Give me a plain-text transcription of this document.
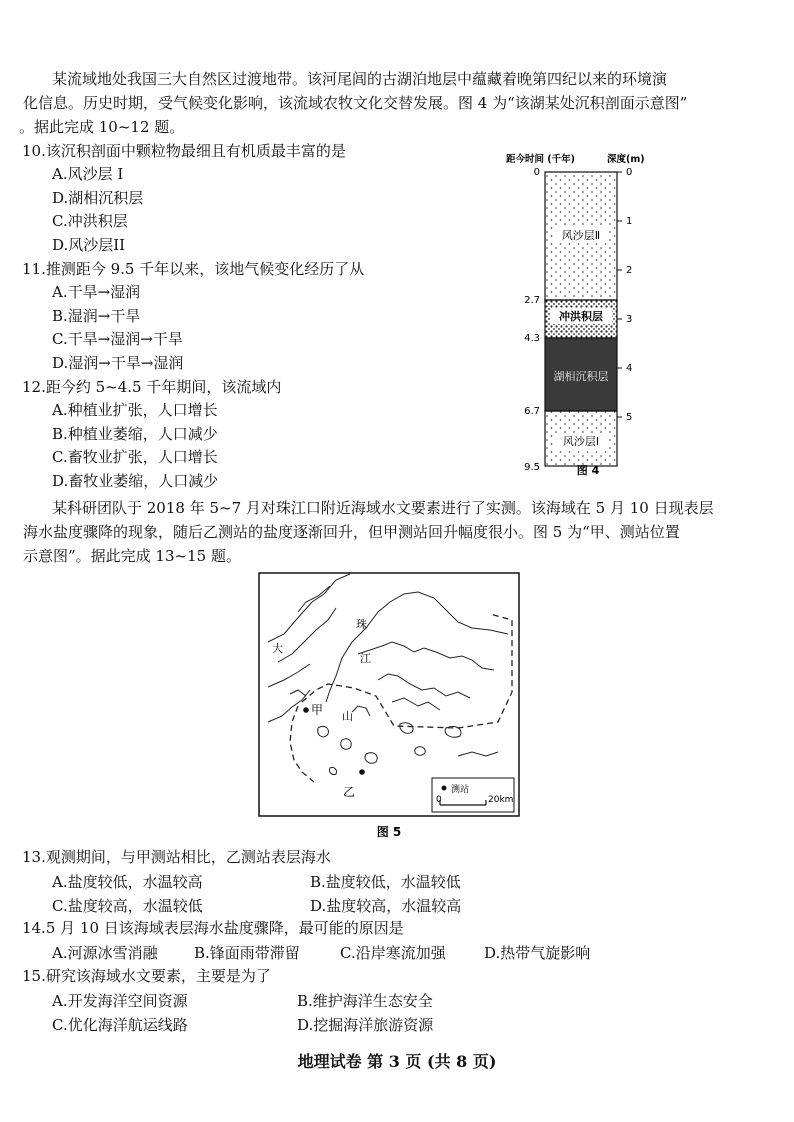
某流域地处我国三大自然区过渡地带。该河尾闾的古湖泊地层中蕴藏着晚第四纪以来的环境演
化信息。历史时期，受气候变化影响，该流域农牧文化交替发展。图 4 为“该湖某处沉积剖面示意图”
。据此完成 10~12 题。
10.该沉积剖面中颗粒物最细且有机质最丰富的是
A.风沙层 I
D.湖相沉积层
C.冲洪积层
D.风沙层II
11.推测距今 9.5 千年以来，该地气候变化经历了从
A.干旱→湿润
B.湿润→干旱
C.干旱→湿润→干旱
D.湿润→干旱→湿润
12.距今约 5~4.5 千年期间，该流域内
A.种植业扩张，人口增长
B.种植业萎缩，人口减少
C.畜牧业扩张，人口增长
D.畜牧业萎缩，人口减少
距今时间 (千年)	深度(m)
风沙层Ⅱ
冲洪积层
湖相沉积层
风沙层Ⅰ
0
2.7
4.3
6.7
9.5
0
1
2
3
4
5
图 4
某科研团队于 2018 年 5~7 月对珠江口附近海域水文要素进行了实测。该海域在 5 月 10 日现表层
海水盐度骤降的现象，随后乙测站的盐度逐渐回升，但甲测站回升幅度很小。图 5 为“甲、测站位置
示意图”。据此完成 13~15 题。
珠
江
大
山
甲
乙	测站
0	20km
图 5
13.观测期间，与甲测站相比，乙测站表层海水
A.盐度较低，水温较高	B.盐度较低，水温较低
C.盐度较高，水温较低	D.盐度较高，水温较高
14.5 月 10 日该海域表层海水盐度骤降，最可能的原因是
A.河源冰雪消融 B.锋面雨带滞留	C.沿岸寒流加强	D.热带气旋影响
15.研究该海域水文要素，主要是为了
A.开发海洋空间资源	B.维护海洋生态安全
C.优化海洋航运线路	D.挖掘海洋旅游资源
地理试卷 第 3 页 (共 8 页)
